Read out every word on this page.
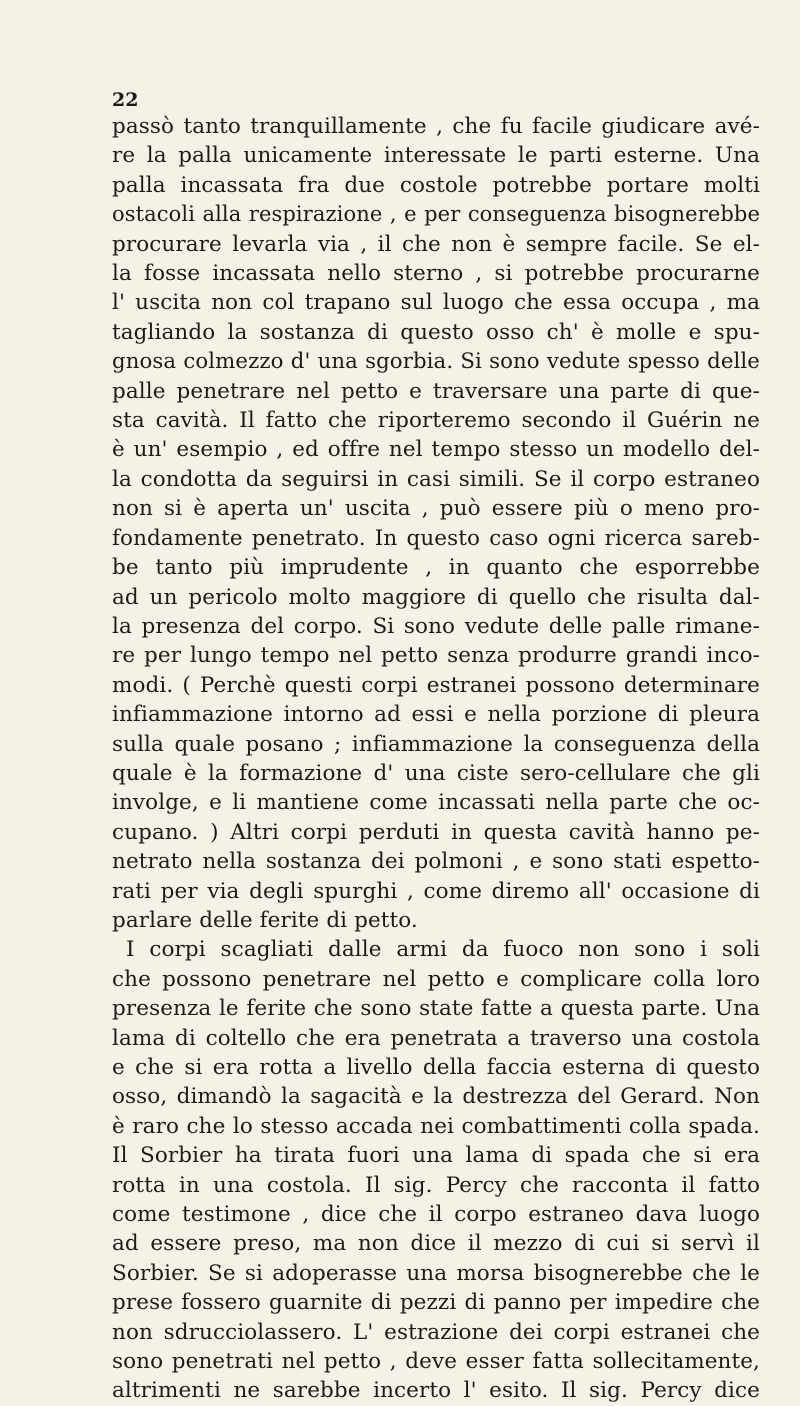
22
passò tanto tranquillamente , che fu facile giudicare avé-
re la palla unicamente interessate le parti esterne. Una
palla incassata fra due costole potrebbe portare molti
ostacoli alla respirazione , e per conseguenza bisognerebbe
procurare levarla via , il che non è sempre facile. Se el-
la fosse incassata nello sterno , si potrebbe procurarne
l' uscita non col trapano sul luogo che essa occupa , ma
tagliando la sostanza di questo osso ch' è molle e spu-
gnosa colmezzo d' una sgorbia. Si sono vedute spesso delle
palle penetrare nel petto e traversare una parte di que-
sta cavità. Il fatto che riporteremo secondo il Guérin ne
è un' esempio , ed offre nel tempo stesso un modello del-
la condotta da seguirsi in casi simili. Se il corpo estraneo
non si è aperta un' uscita , può essere più o meno pro-
fondamente penetrato. In questo caso ogni ricerca sareb-
be tanto più imprudente , in quanto che esporrebbe
ad un pericolo molto maggiore di quello che risulta dal-
la presenza del corpo. Si sono vedute delle palle rimane-
re per lungo tempo nel petto senza produrre grandi inco-
modi. ( Perchè questi corpi estranei possono determinare
infiammazione intorno ad essi e nella porzione di pleura
sulla quale posano ; infiammazione la conseguenza della
quale è la formazione d' una ciste sero-cellulare che gli
involge, e li mantiene come incassati nella parte che oc-
cupano. ) Altri corpi perduti in questa cavità hanno pe-
netrato nella sostanza dei polmoni , e sono stati espetto-
rati per via degli spurghi , come diremo all' occasione di
parlare delle ferite di petto.
I corpi scagliati dalle armi da fuoco non sono i soli
che possono penetrare nel petto e complicare colla loro
presenza le ferite che sono state fatte a questa parte. Una
lama di coltello che era penetrata a traverso una costola
e che si era rotta a livello della faccia esterna di questo
osso, dimandò la sagacità e la destrezza del Gerard. Non
è raro che lo stesso accada nei combattimenti colla spada.
Il Sorbier ha tirata fuori una lama di spada che si era
rotta in una costola. Il sig. Percy che racconta il fatto
come testimone , dice che il corpo estraneo dava luogo
ad essere preso, ma non dice il mezzo di cui si servì il
Sorbier. Se si adoperasse una morsa bisognerebbe che le
prese fossero guarnite di pezzi di panno per impedire che
non sdrucciolassero. L' estrazione dei corpi estranei che
sono penetrati nel petto , deve esser fatta sollecitamente,
altrimenti ne sarebbe incerto l' esito. Il sig. Percy dice
